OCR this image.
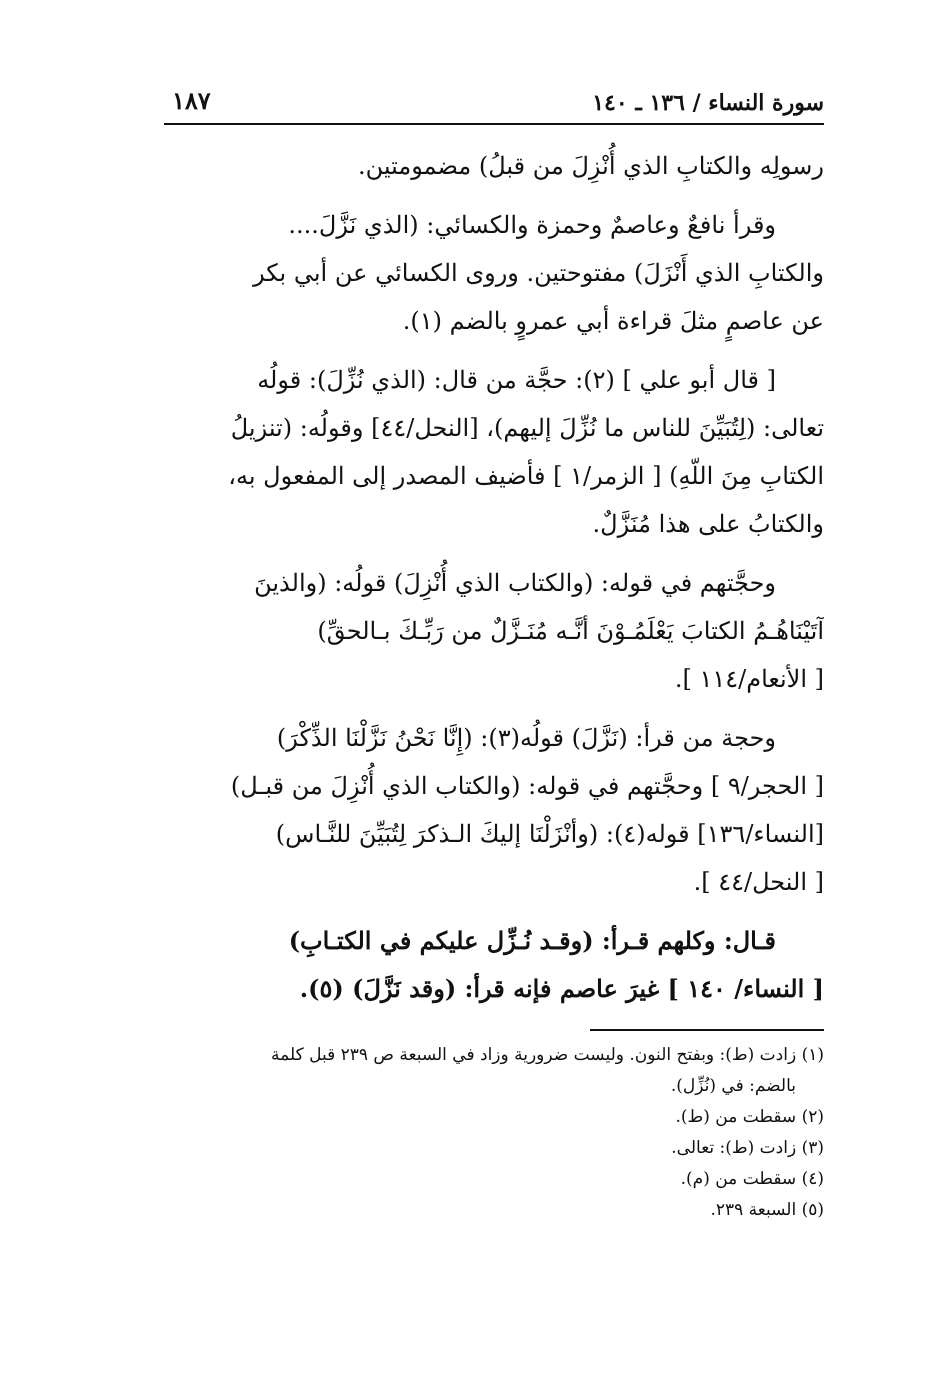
سورة النساء / ١٣٦ ـ ١٤٠
١٨٧

رسولِه والكتابِ الذي أُنْزِلَ من قبلُ) مضمومتين.

وقرأ نافعٌ وعاصمٌ وحمزة والكسائي: (الذي نَزَّلَ....
والكتابِ الذي أَنْزَلَ) مفتوحتين. وروى الكسائي عن أبي بكر
عن عاصمٍ مثلَ قراءة أبي عمروٍ بالضم (١).

[ قال أبو علي ] (٢): حجَّة من قال: (الذي نُزِّلَ): قولُه
تعالى: (لِتُبَيِّنَ للناس ما نُزِّلَ إليهم)، [النحل/٤٤] وقولُه: (تنزيلُ
الكتابِ مِنَ اللّهِ) [ الزمر/١ ] فأضيف المصدر إلى المفعول به،
والكتابُ على هذا مُنَزَّلٌ.

وحجَّتهم في قوله: (والكتاب الذي أُنْزِلَ) قولُه: (والذينَ
آتَيْنَاهُـمُ الكتابَ يَعْلَمُـوْنَ أنَّـه مُنَـزَّلٌ من رَبِّـكَ بـالحقِّ)
[ الأنعام/١١٤ ].

وحجة من قرأ: (نَزَّلَ) قولُه(٣): (إِنَّا نَحْنُ نَزَّلْنَا الذِّكْرَ)
[ الحجر/٩ ] وحجَّتهم في قوله: (والكتاب الذي أُنْزِلَ من قبـل)
[النساء/١٣٦] قوله(٤): (وأنْزَلْنَا إليكَ الـذكرَ لِتُبَيِّنَ للنَّـاس)
[ النحل/٤٤ ].

قـال: وكلهم قـرأ: (وقـد نُـزِّل عليكم في الكتـابِ)
[ النساء/ ١٤٠ ] غيرَ عاصم فإنه قرأ: (وقد نَزَّلَ) (٥).

(١) زادت (ط): وبفتح النون. وليست ضرورية وزاد في السبعة ص ٢٣٩ قبل كلمة
بالضم: في (نُزِّل).
(٢) سقطت من (ط).
(٣) زادت (ط): تعالى.
(٤) سقطت من (م).
(٥) السبعة ٢٣٩.
